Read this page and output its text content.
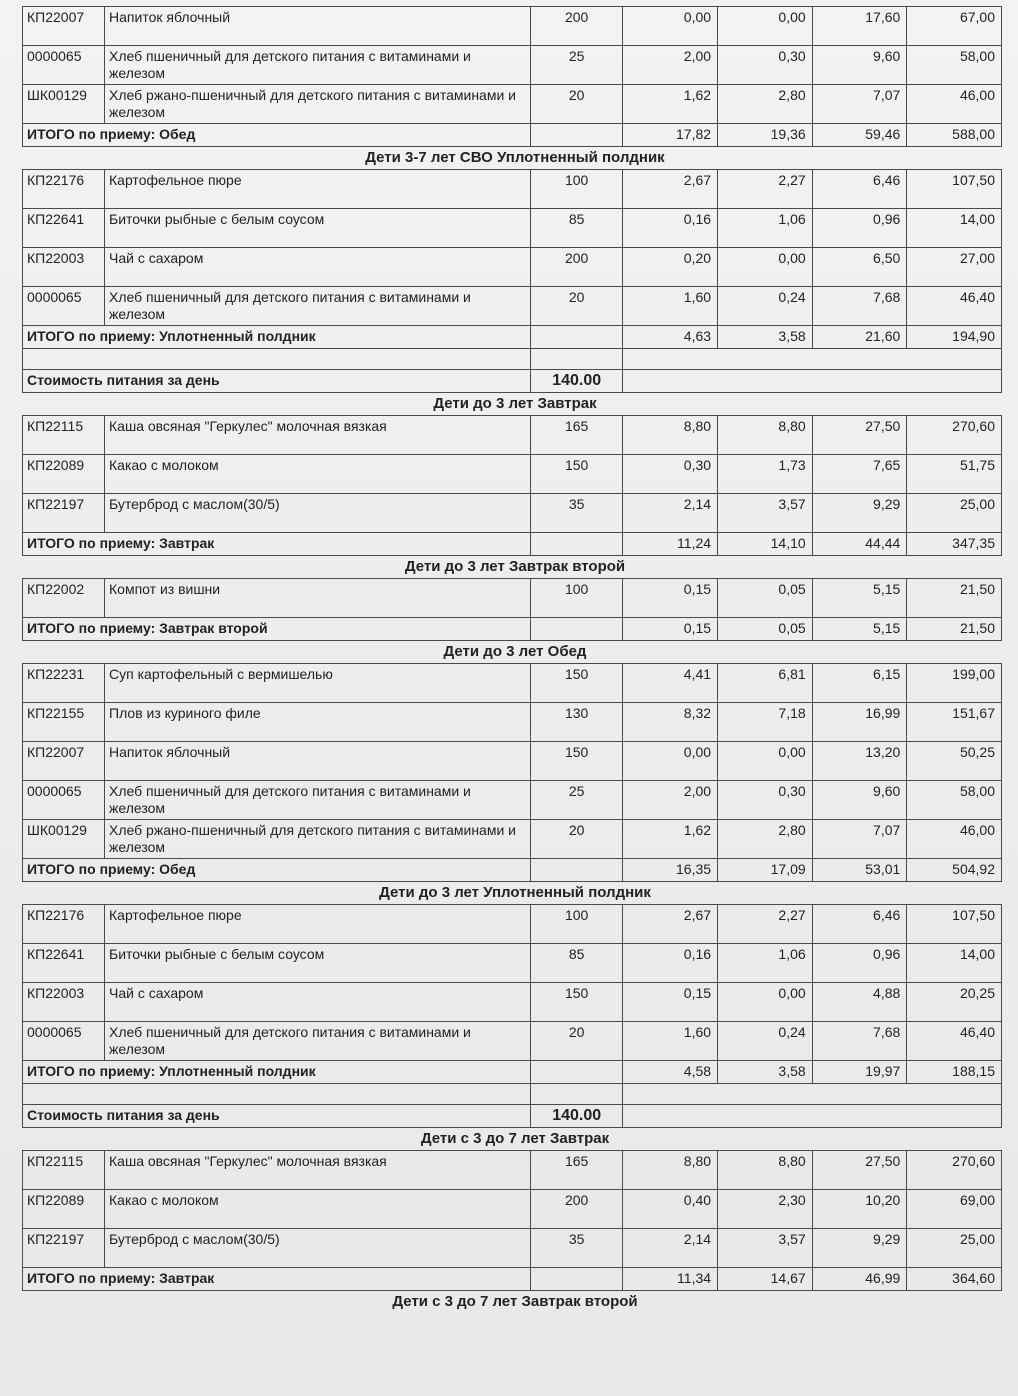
КП22007	Напиток яблочный	200	0,00	0,00	17,60	67,00
0000065	Хлеб пшеничный для детского питания с витаминами и железом	25	2,00	0,30	9,60	58,00
ШК00129	Хлеб ржано-пшеничный для детского питания с витаминами и железом	20	1,62	2,80	7,07	46,00
ИТОГО по приему: Обед			17,82	19,36	59,46	588,00
Дети 3-7 лет СВО Уплотненный полдник
КП22176	Картофельное пюре	100	2,67	2,27	6,46	107,50
КП22641	Биточки рыбные с белым соусом	85	0,16	1,06	0,96	14,00
КП22003	Чай с сахаром	200	0,20	0,00	6,50	27,00
0000065	Хлеб пшеничный для детского питания с витаминами и железом	20	1,60	0,24	7,68	46,40
ИТОГО по приему: Уплотненный полдник			4,63	3,58	21,60	194,90

Стоимость питания за день		140.00				
Дети до 3 лет Завтрак
КП22115	Каша овсяная "Геркулес" молочная вязкая	165	8,80	8,80	27,50	270,60
КП22089	Какао с молоком	150	0,30	1,73	7,65	51,75
КП22197	Бутерброд с маслом(30/5)	35	2,14	3,57	9,29	25,00
ИТОГО по приему: Завтрак			11,24	14,10	44,44	347,35
Дети до 3 лет Завтрак второй
КП22002	Компот из вишни	100	0,15	0,05	5,15	21,50
ИТОГО по приему: Завтрак второй			0,15	0,05	5,15	21,50
Дети до 3 лет Обед
КП22231	Суп картофельный с вермишелью	150	4,41	6,81	6,15	199,00
КП22155	Плов из куриного филе	130	8,32	7,18	16,99	151,67
КП22007	Напиток яблочный	150	0,00	0,00	13,20	50,25
0000065	Хлеб пшеничный для детского питания с витаминами и железом	25	2,00	0,30	9,60	58,00
ШК00129	Хлеб ржано-пшеничный для детского питания с витаминами и железом	20	1,62	2,80	7,07	46,00
ИТОГО по приему: Обед			16,35	17,09	53,01	504,92
Дети до 3 лет Уплотненный полдник
КП22176	Картофельное пюре	100	2,67	2,27	6,46	107,50
КП22641	Биточки рыбные с белым соусом	85	0,16	1,06	0,96	14,00
КП22003	Чай с сахаром	150	0,15	0,00	4,88	20,25
0000065	Хлеб пшеничный для детского питания с витаминами и железом	20	1,60	0,24	7,68	46,40
ИТОГО по приему: Уплотненный полдник			4,58	3,58	19,97	188,15

Стоимость питания за день		140.00				
Дети с 3 до 7 лет Завтрак
КП22115	Каша овсяная "Геркулес" молочная вязкая	165	8,80	8,80	27,50	270,60
КП22089	Какао с молоком	200	0,40	2,30	10,20	69,00
КП22197	Бутерброд с маслом(30/5)	35	2,14	3,57	9,29	25,00
ИТОГО по приему: Завтрак			11,34	14,67	46,99	364,60
Дети с 3 до 7 лет Завтрак второй
